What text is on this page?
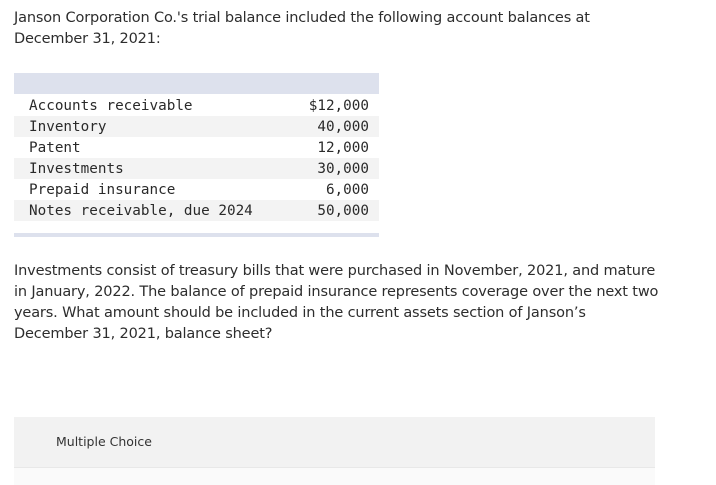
Janson Corporation Co.'s trial balance included the following account balances at December 31, 2021:
Accounts receivable	$12,000
Inventory	40,000
Patent	12,000
Investments	30,000
Prepaid insurance	6,000
Notes receivable, due 2024	50,000
Investments consist of treasury bills that were purchased in November, 2021, and mature in January, 2022. The balance of prepaid insurance represents coverage over the next two years. What amount should be included in the current assets section of Janson’s December 31, 2021, balance sheet?
Multiple Choice
